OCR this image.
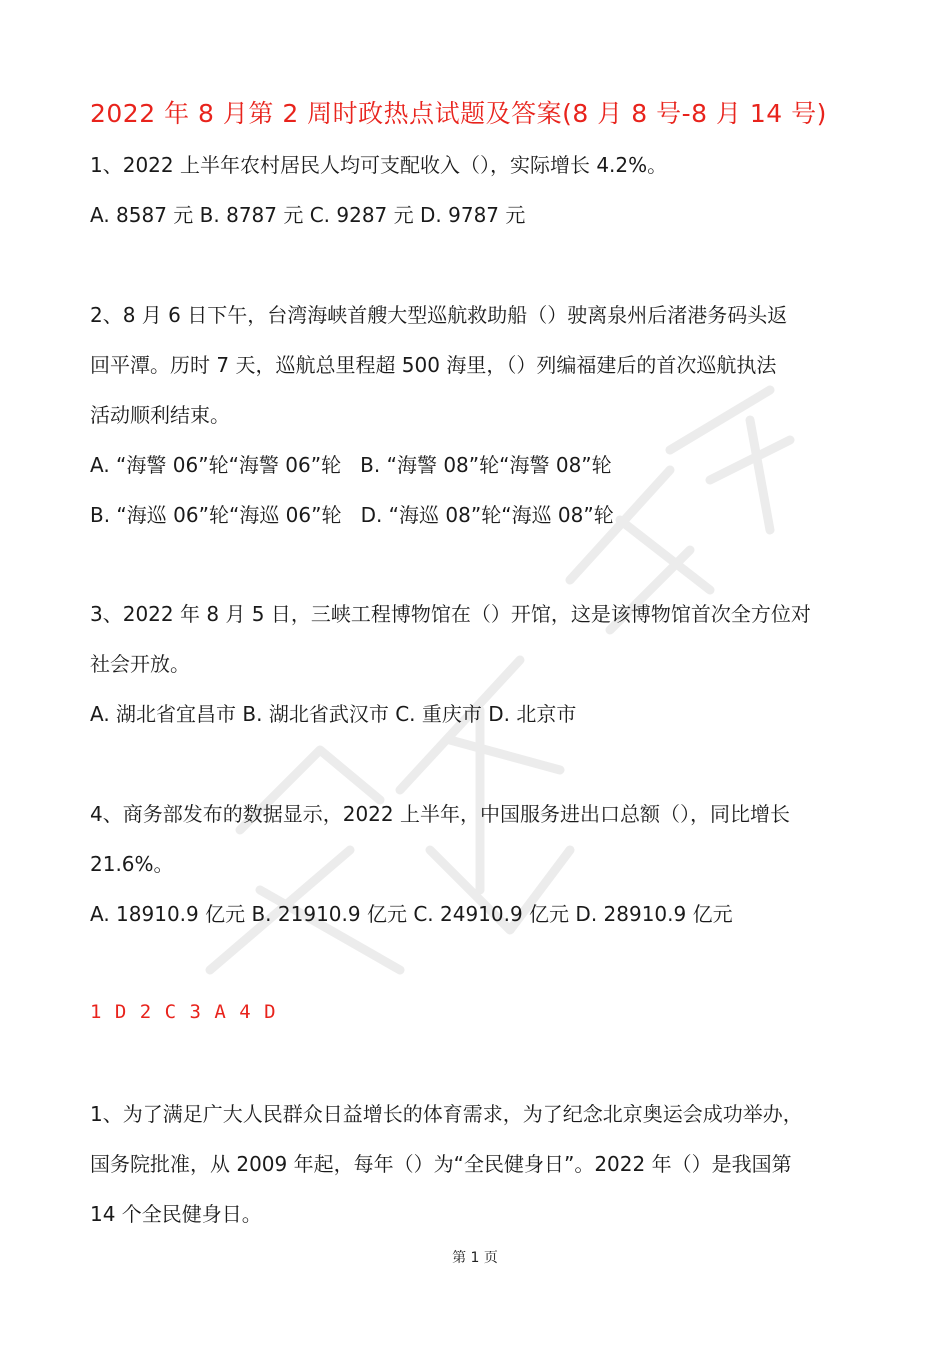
2022 年 8 月第 2 周时政热点试题及答案(8 月 8 号-8 月 14 号)
1、2022 上半年农村居民人均可支配收入（），实际增长 4.2%。
A. 8587 元 B. 8787 元 C. 9287 元 D. 9787 元
2、8 月 6 日下午，台湾海峡首艘大型巡航救助船（）驶离泉州后渚港务码头返
回平潭。历时 7 天，巡航总里程超 500 海里，（）列编福建后的首次巡航执法
活动顺利结束。
A. “海警 06”轮“海警 06”轮   B. “海警 08”轮“海警 08”轮
B. “海巡 06”轮“海巡 06”轮   D. “海巡 08”轮“海巡 08”轮
3、2022 年 8 月 5 日，三峡工程博物馆在（）开馆，这是该博物馆首次全方位对
社会开放。
A. 湖北省宜昌市 B. 湖北省武汉市 C. 重庆市 D. 北京市
4、商务部发布的数据显示，2022 上半年，中国服务进出口总额（），同比增长
21.6%。
A. 18910.9 亿元 B. 21910.9 亿元 C. 24910.9 亿元 D. 28910.9 亿元
1 D 2 C 3 A 4 D
1、为了满足广大人民群众日益增长的体育需求，为了纪念北京奥运会成功举办，
国务院批准，从 2009 年起，每年（）为“全民健身日”。2022 年（）是我国第
14 个全民健身日。
第 1 页
